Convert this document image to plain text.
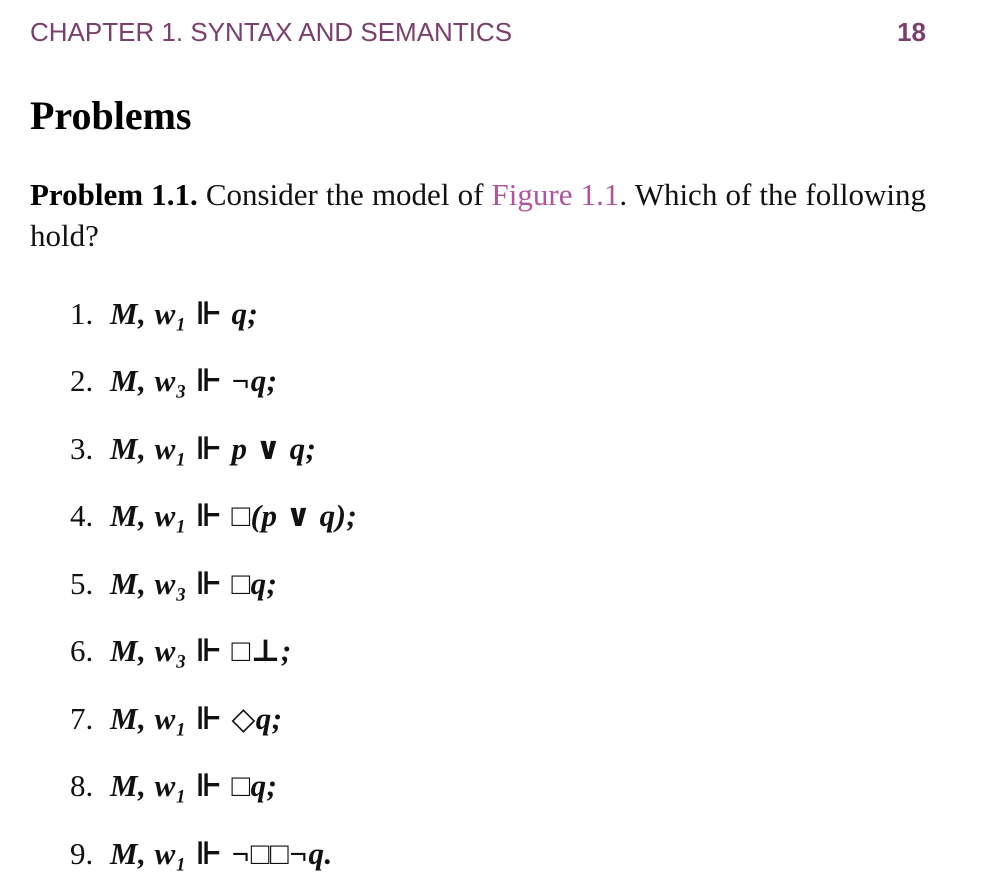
CHAPTER 1. SYNTAX AND SEMANTICS	18
Problems

Problem 1.1. Consider the model of Figure 1.1. Which of the following hold?

1. M, w₁ ⊩ q;
2. M, w₃ ⊩ ¬q;
3. M, w₁ ⊩ p ∨ q;
4. M, w₁ ⊩ □(p ∨ q);
5. M, w₃ ⊩ □q;
6. M, w₃ ⊩ □⊥;
7. M, w₁ ⊩ ◇q;
8. M, w₁ ⊩ □q;
9. M, w₁ ⊩ ¬□□¬q.
